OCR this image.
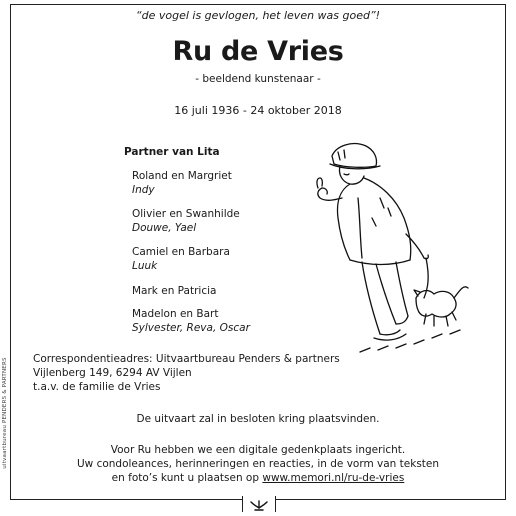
uitvaartbureau PENDERS & PARTNERS
“de vogel is gevlogen, het leven was goed”!
Ru de Vries
- beeldend kunstenaar -
16 juli 1936 - 24 oktober 2018
Partner van Lita
Roland en Margriet
Indy
Olivier en Swanhilde
Douwe, Yael
Camiel en Barbara
Luuk
Mark en Patricia
Madelon en Bart
Sylvester, Reva, Oscar
Correspondentieadres: Uitvaartbureau Penders & partners
Vijlenberg 149, 6294 AV Vijlen
t.a.v. de familie de Vries
De uitvaart zal in besloten kring plaatsvinden.
Voor Ru hebben we een digitale gedenkplaats ingericht.
Uw condoleances, herinneringen en reacties, in de vorm van teksten
en foto’s kunt u plaatsen op www.memori.nl/ru-de-vries
